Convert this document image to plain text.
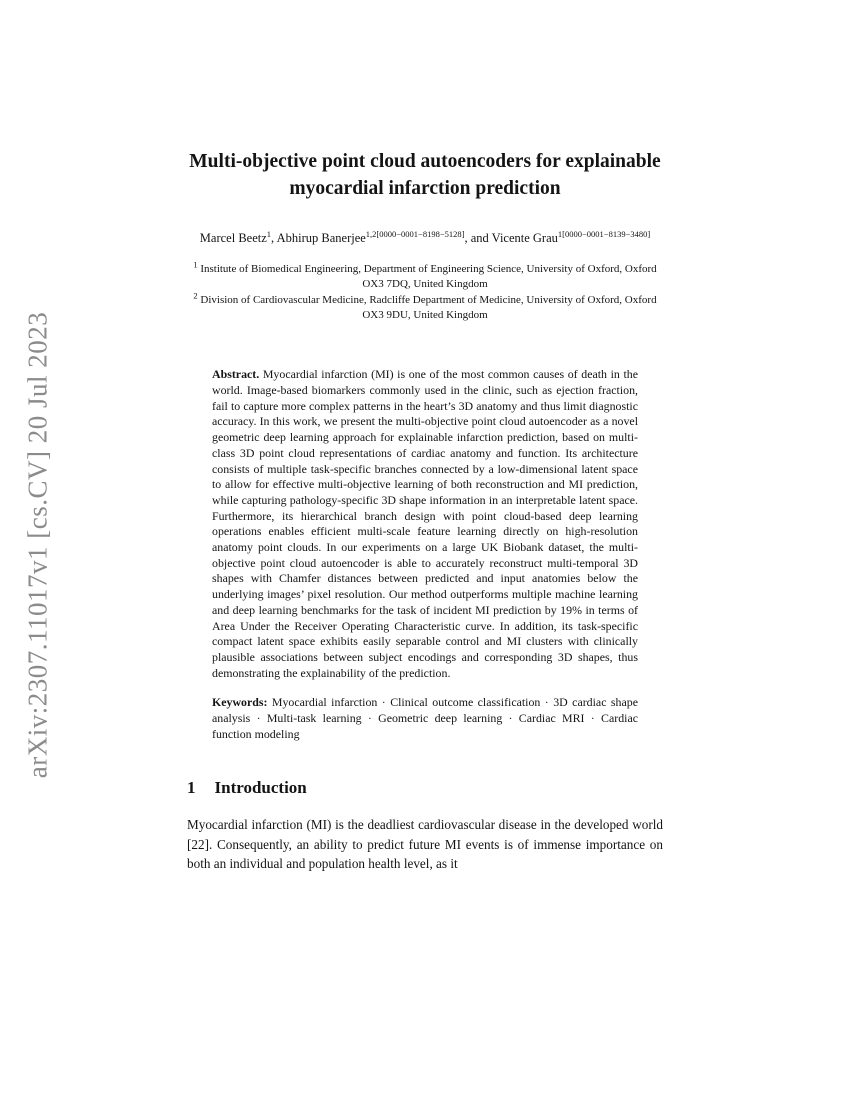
arXiv:2307.11017v1 [cs.CV] 20 Jul 2023
Multi-objective point cloud autoencoders for explainable myocardial infarction prediction

Marcel Beetz$^1$, Abhirup Banerjee$^{1,2[0000-0001-8198-5128]}$, and Vicente Grau$^{1[0000-0001-8139-3480]}$

$^1$ Institute of Biomedical Engineering, Department of Engineering Science, University of Oxford, Oxford OX3 7DQ, United Kingdom

$^2$ Division of Cardiovascular Medicine, Radcliffe Department of Medicine, University of Oxford, Oxford OX3 9DU, United Kingdom

Abstract. Myocardial infarction (MI) is one of the most common causes of death in the world. Image-based biomarkers commonly used in the clinic, such as ejection fraction, fail to capture more complex patterns in the heart’s 3D anatomy and thus limit diagnostic accuracy. In this work, we present the multi-objective point cloud autoencoder as a novel geometric deep learning approach for explainable infarction prediction, based on multi-class 3D point cloud representations of cardiac anatomy and function. Its architecture consists of multiple task-specific branches connected by a low-dimensional latent space to allow for effective multi-objective learning of both reconstruction and MI prediction, while capturing pathology-specific 3D shape information in an interpretable latent space. Furthermore, its hierarchical branch design with point cloud-based deep learning operations enables efficient multi-scale feature learning directly on high-resolution anatomy point clouds. In our experiments on a large UK Biobank dataset, the multi-objective point cloud autoencoder is able to accurately reconstruct multi-temporal 3D shapes with Chamfer distances between predicted and input anatomies below the underlying images’ pixel resolution. Our method outperforms multiple machine learning and deep learning benchmarks for the task of incident MI prediction by 19% in terms of Area Under the Receiver Operating Characteristic curve. In addition, its task-specific compact latent space exhibits easily separable control and MI clusters with clinically plausible associations between subject encodings and corresponding 3D shapes, thus demonstrating the explainability of the prediction.

Keywords: Myocardial infarction · Clinical outcome classification · 3D cardiac shape analysis · Multi-task learning · Geometric deep learning · Cardiac MRI · Cardiac function modeling

1 Introduction

Myocardial infarction (MI) is the deadliest cardiovascular disease in the developed world [22]. Consequently, an ability to predict future MI events is of immense importance on both an individual and population health level, as it
